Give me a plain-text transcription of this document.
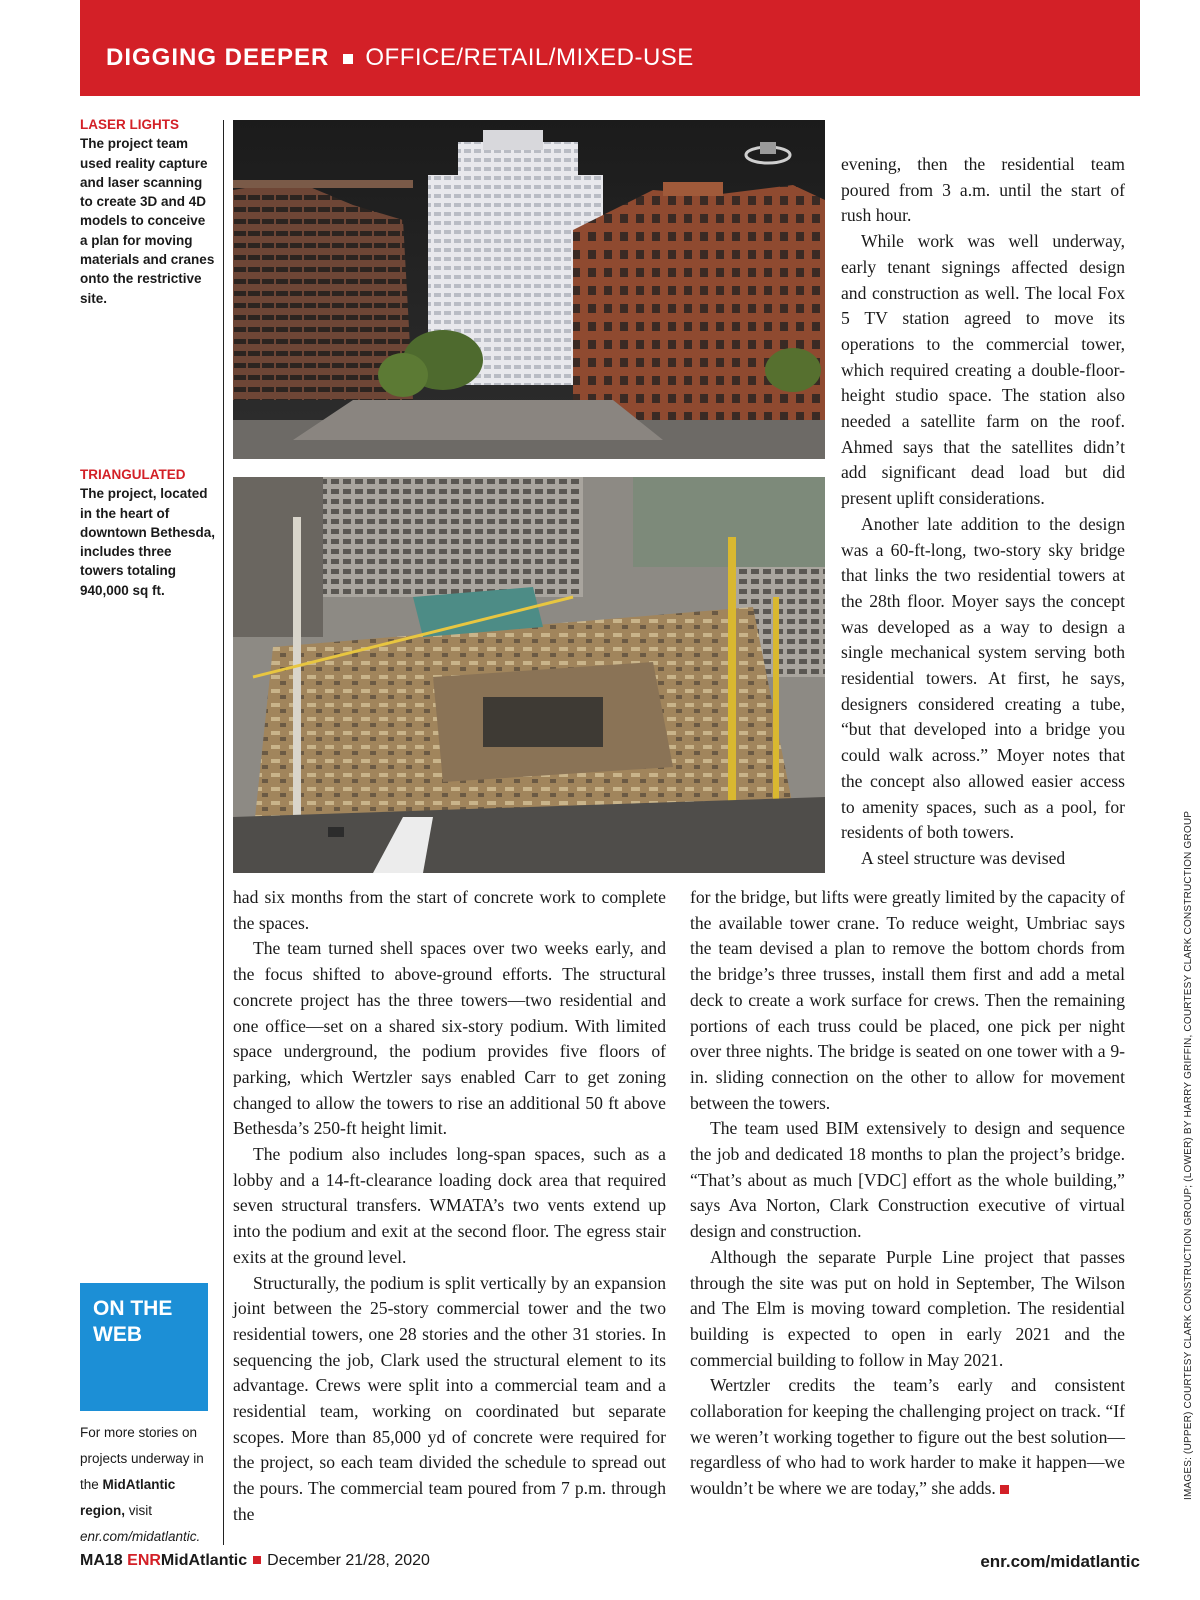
DIGGING DEEPER OFFICE/RETAIL/MIXED-USE
LASER LIGHTS
The project team used reality capture and laser scanning to create 3D and 4D models to conceive a plan for moving materials and cranes onto the restrictive site.
TRIANGULATED
The project, located in the heart of downtown Bethesda, includes three towers totaling 940,000 sq ft.

had six months from the start of concrete work to complete the spaces.

The team turned shell spaces over two weeks early, and the focus shifted to above-ground efforts. The structural concrete project has the three towers—two residential and one office—set on a shared six-story podium. With limited space underground, the podium provides five floors of parking, which Wertzler says enabled Carr to get zoning changed to allow the towers to rise an additional 50 ft above Bethesda’s 250-ft height limit.

The podium also includes long-span spaces, such as a lobby and a 14-ft-clearance loading dock area that required seven structural transfers. WMATA’s two vents extend up into the podium and exit at the second floor. The egress stair exits at the ground level.

Structurally, the podium is split vertically by an expansion joint between the 25-story commercial tower and the two residential towers, one 28 stories and the other 31 stories. In sequencing the job, Clark used the structural element to its advantage. Crews were split into a commercial team and a residential team, working on coordinated but separate scopes. More than 85,000 yd of concrete were required for the project, so each team divided the schedule to spread out the pours. The commercial team poured from 7 p.m. through the

evening, then the residential team poured from 3 a.m. until the start of rush hour.

While work was well underway, early tenant signings affected design and construction as well. The local Fox 5 TV station agreed to move its operations to the commercial tower, which required creating a double-floor-height studio space. The station also needed a satellite farm on the roof. Ahmed says that the satellites didn’t add significant dead load but did present uplift considerations.

Another late addition to the design was a 60-ft-long, two-story sky bridge that links the two residential towers at the 28th floor. Moyer says the concept was developed as a way to design a single mechanical system serving both residential towers. At first, he says, designers considered creating a tube, “but that developed into a bridge you could walk across.” Moyer notes that the concept also allowed easier access to amenity spaces, such as a pool, for residents of both towers.

A steel structure was devised

for the bridge, but lifts were greatly limited by the capacity of the available tower crane. To reduce weight, Umbriac says the team devised a plan to remove the bottom chords from the bridge’s three trusses, install them first and add a metal deck to create a work surface for crews. Then the remaining portions of each truss could be placed, one pick per night over three nights. The bridge is seated on one tower with a 9-in. sliding connection on the other to allow for movement between the towers.

The team used BIM extensively to design and sequence the job and dedicated 18 months to plan the project’s bridge. “That’s about as much [VDC] effort as the whole building,” says Ava Norton, Clark Construction executive of virtual design and construction.

Although the separate Purple Line project that passes through the site was put on hold in September, The Wilson and The Elm is moving toward completion. The residential building is expected to open in early 2021 and the commercial building to follow in May 2021.

Wertzler credits the team’s early and consistent collaboration for keeping the challenging project on track. “If we weren’t working together to figure out the best solution—regardless of who had to work harder to make it happen—we wouldn’t be where we are today,” she adds.

ON THE
WEB
For more stories on projects underway in the MidAtlantic region, visit enr.com/midatlantic.
IMAGES: (UPPER) COURTESY CLARK CONSTRUCTION GROUP; (LOWER) BY HARRY GRIFFIN, COURTESY CLARK CONSTRUCTION GROUP
MA18 ENRMidAtlantic December 21/28, 2020	enr.com/midatlantic
